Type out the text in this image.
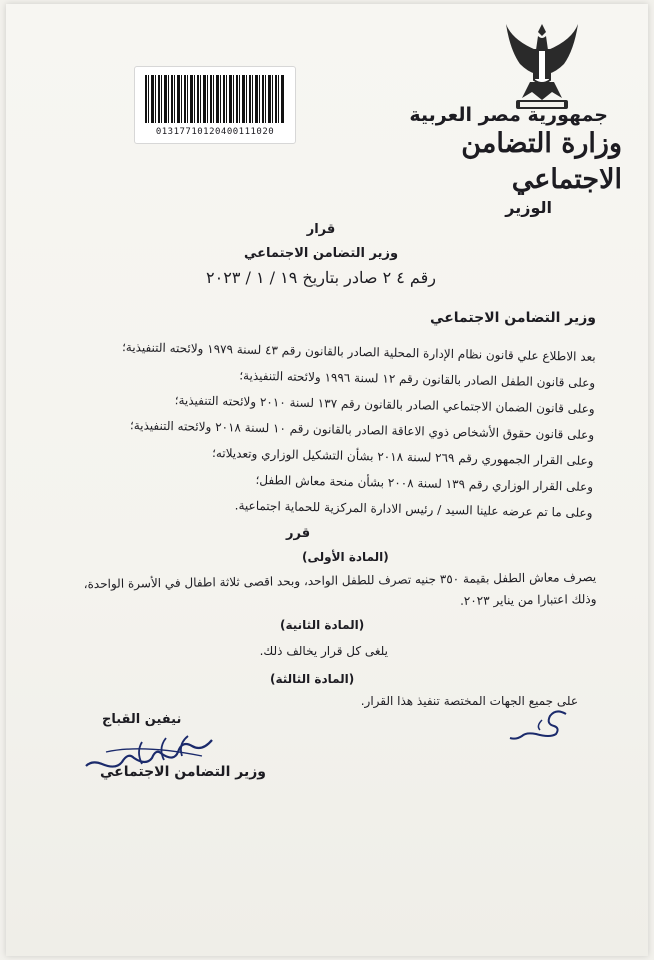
01317710120400111020
جمهورية مصر العربية
وزارة التضامن الاجتماعي
الوزير
قرار
وزير التضامن الاجتماعي
رقم ٤ ٢ صادر بتاريخ ١٩ / ١ / ٢٠٢٣
وزير التضامن الاجتماعي
بعد الاطلاع علي قانون نظام الإدارة المحلية الصادر بالقانون رقم ٤٣ لسنة ١٩٧٩ ولائحته التنفيذية؛
وعلى قانون الطفل الصادر بالقانون رقم ١٢ لسنة ١٩٩٦ ولائحته التنفيذية؛
وعلى قانون الضمان الاجتماعي الصادر بالقانون رقم ١٣٧ لسنة ٢٠١٠ ولائحته التنفيذية؛
وعلى قانون حقوق الأشخاص ذوي الاعاقة الصادر بالقانون رقم ١٠ لسنة ٢٠١٨ ولائحته التنفيذية؛
وعلى القرار الجمهوري رقم ٢٦٩ لسنة ٢٠١٨ بشأن التشكيل الوزاري وتعديلاته؛
وعلى القرار الوزاري رقم ١٣٩ لسنة ٢٠٠٨ بشأن منحة معاش الطفل؛
وعلى ما تم عرضه علينا السيد / رئيس الادارة المركزية للحماية اجتماعية.
قرر
(المادة الأولى)
يصرف معاش الطفل بقيمة ٣٥٠ جنيه تصرف للطفل الواحد، وبحد اقصى ثلاثة اطفال في الأسرة الواحدة،
وذلك اعتبارا من يناير ٢٠٢٣.
(المادة الثانية)
يلغى كل قرار يخالف ذلك.
(المادة الثالثة)
على جميع الجهات المختصة تنفيذ هذا القرار.
نيفين القباج
وزير التضامن الاجتماعي
